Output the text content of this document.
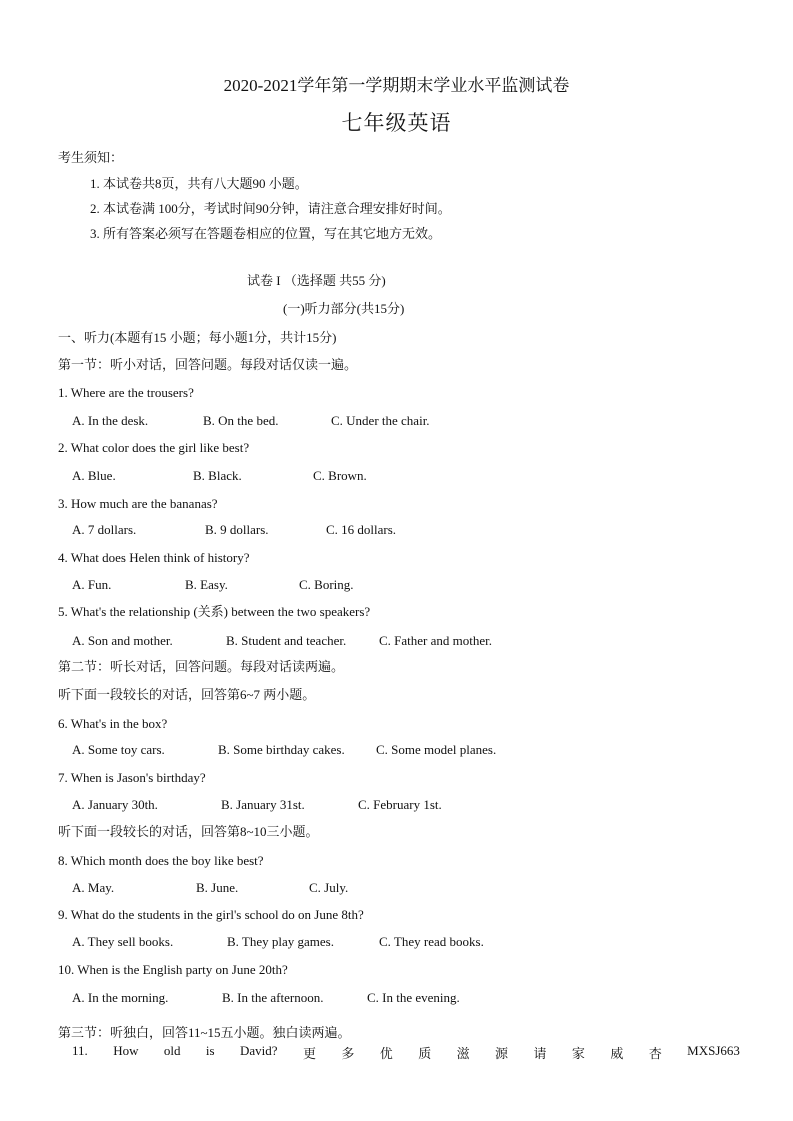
2020-2021学年第一学期期末学业水平监测试卷
七年级英语
考生须知：
1. 本试卷共8页，共有八大题90 小题。
2. 本试卷满 100分，考试时间90分钟，请注意合理安排好时间。
3. 所有答案必须写在答题卷相应的位置，写在其它地方无效。
试卷 I （选择题 共55 分)
(一)听力部分(共15分)
一、听力(本题有15 小题；每小题1分，共计15分)
第一节：听小对话，回答问题。每段对话仅读一遍。
1. Where are the trousers?
A. In the desk.	B. On the bed.	C. Under the chair.
2. What color does the girl like best?
A. Blue.	B. Black.	C. Brown.
3. How much are the bananas?
A. 7 dollars.	B. 9 dollars.	C. 16 dollars.
4. What does Helen think of history?
A. Fun.	B. Easy.	C. Boring.
5. What's the relationship (关系) between the two speakers?
A. Son and mother.	B. Student and teacher.	C. Father and mother.
第二节：听长对话，回答问题。每段对话读两遍。
听下面一段较长的对话，回答第6~7 两小题。
6. What's in the box?
A. Some toy cars.	B. Some birthday cakes. C. Some model planes.
7. When is Jason's birthday?
A. January 30th.	B. January 31st.	C. February 1st.
听下面一段较长的对话，回答第8~10三小题。
8. Which month does the boy like best?
A. May.	B. June.	C. July.
9. What do the students in the girl's school do on June 8th?
A. They sell books.	B. They play games.	C. They read books.
10. When is the English party on June 20th?
A. In the morning.	B. In the afternoon.	C. In the evening.
第三节：听独白，回答11~15五小题。独白读两遍。
11. How old is David? 更 多 优 质 滋 源 请 家 威 杏 MXSJ663
